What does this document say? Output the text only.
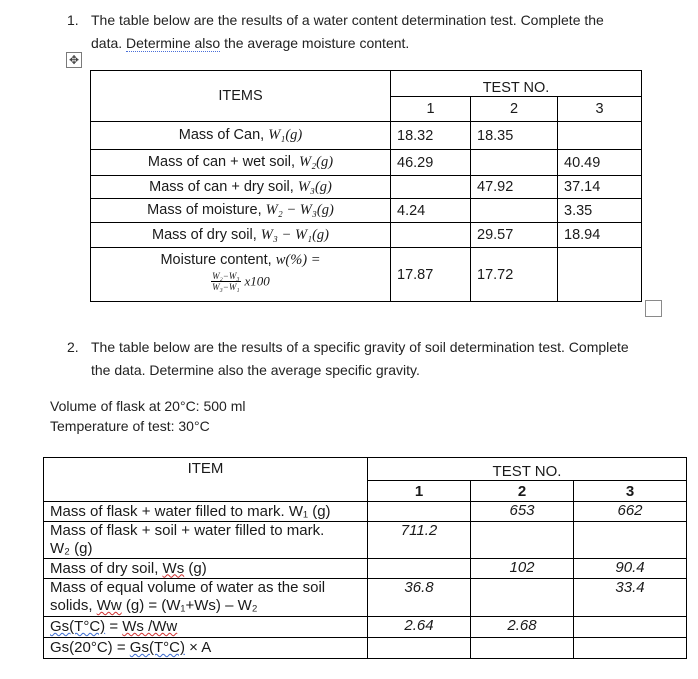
1. The table below are the results of a water content determination test. Complete the
data. Determine also the average moisture content.
✥
ITEMS	TEST NO.		
	1	2	3
Mass of Can, W₁(g)	18.32	18.35	
Mass of can + wet soil, W₂(g)	46.29		40.49
Mass of can + dry soil, W₃(g)		47.92	37.14
Mass of moisture, W₂ − W₃(g)	4.24		3.35
Mass of dry soil, W₃ − W₁(g)		29.57	18.94

Moisture content, w(%) =
$\frac{\text{W₂−W₃}}{\text{W₃−W₁}} x100$	17.87	17.72	
2. The table below are the results of a specific gravity of soil determination test. Complete
the data. Determine also the average specific gravity.
Volume of flask at 20°C: 500 ml
Temperature of test: 30°C
ITEM	TEST NO.		
	1	2	3
Mass of flask + water filled to mark. W₁ (g)		653	662
Mass of flask + soil + water filled to mark.
W₂ (g)	711.2		
Mass of dry soil, Ws (g)		102	90.4
Mass of equal volume of water as the soil
solids, Ww (g) = (W₁+Ws) – W₂	36.8		33.4
Gs(T°C) = Ws /Ww	2.64	2.68	
Gs(20°C) = Gs(T°C) × A			
